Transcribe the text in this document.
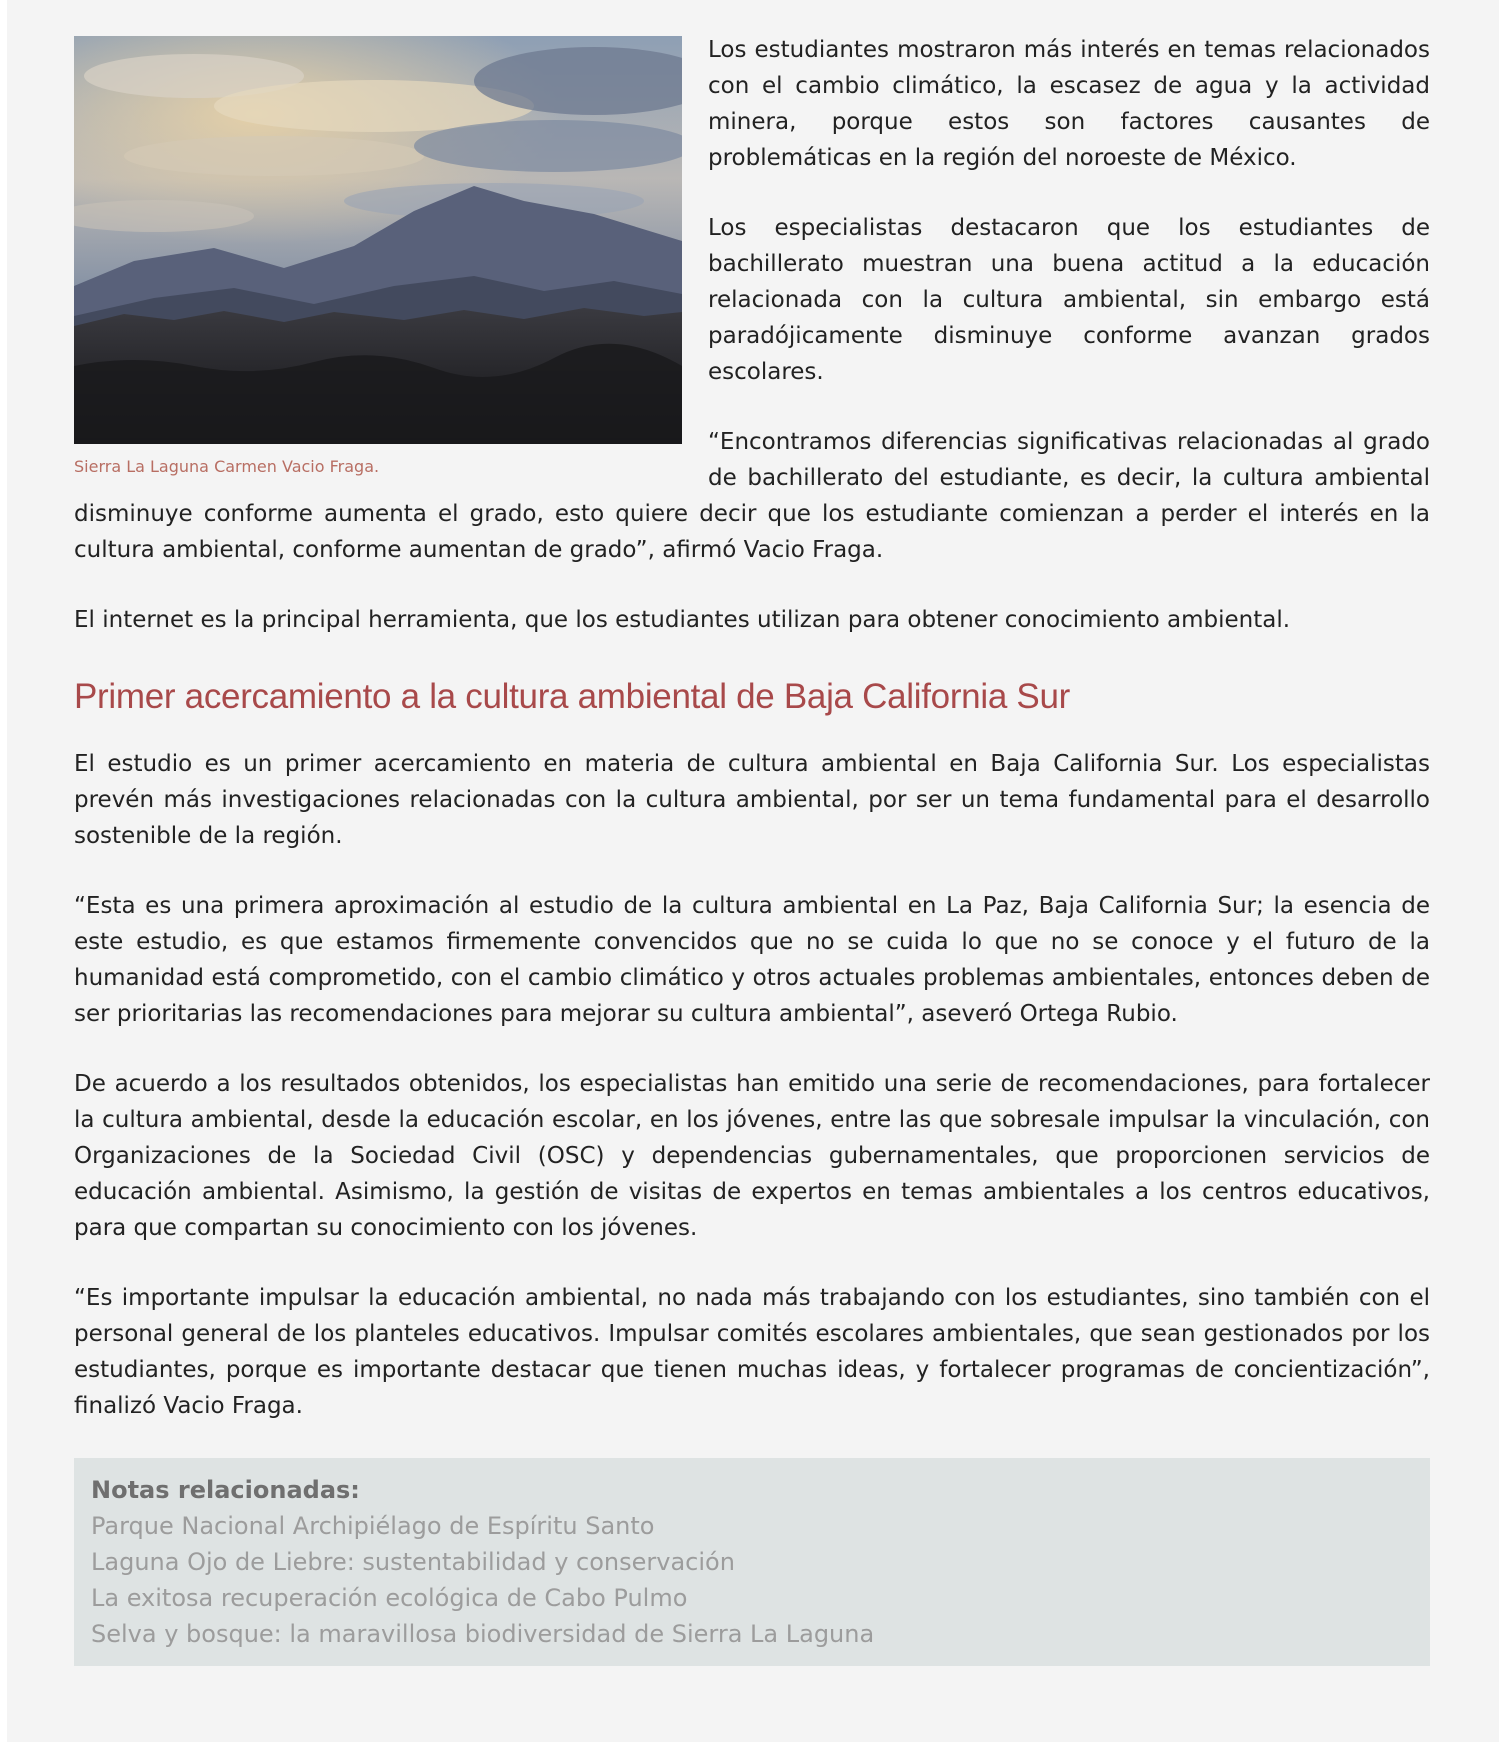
Sierra La Laguna Carmen Vacio Fraga.

Los estudiantes mostraron más interés en temas relacionados con el cambio climático, la escasez de agua y la actividad minera, porque estos son factores causantes de problemáticas en la región del noroeste de México.

Los especialistas destacaron que los estudiantes de bachillerato muestran una buena actitud a la educación relacionada con la cultura ambiental, sin embargo está paradójicamente disminuye conforme avanzan grados escolares.

“Encontramos diferencias significativas relacionadas al grado de bachillerato del estudiante, es decir, la cultura ambiental disminuye conforme aumenta el grado, esto quiere decir que los estudiante comienzan a perder el interés en la cultura ambiental, conforme aumentan de grado”, afirmó Vacio Fraga.

El internet es la principal herramienta, que los estudiantes utilizan para obtener conocimiento ambiental.

Primer acercamiento a la cultura ambiental de Baja California Sur

El estudio es un primer acercamiento en materia de cultura ambiental en Baja California Sur. Los especialistas prevén más investigaciones relacionadas con la cultura ambiental, por ser un tema fundamental para el desarrollo sostenible de la región.

“Esta es una primera aproximación al estudio de la cultura ambiental en La Paz, Baja California Sur; la esencia de este estudio, es que estamos firmemente convencidos que no se cuida lo que no se conoce y el futuro de la humanidad está comprometido, con el cambio climático y otros actuales problemas ambientales, entonces deben de ser prioritarias las recomendaciones para mejorar su cultura ambiental”, aseveró Ortega Rubio.

De acuerdo a los resultados obtenidos, los especialistas han emitido una serie de recomendaciones, para fortalecer la cultura ambiental, desde la educación escolar, en los jóvenes, entre las que sobresale impulsar la vinculación, con Organizaciones de la Sociedad Civil (OSC) y dependencias gubernamentales, que proporcionen servicios de educación ambiental. Asimismo, la gestión de visitas de expertos en temas ambientales a los centros educativos, para que compartan su conocimiento con los jóvenes.

“Es importante impulsar la educación ambiental, no nada más trabajando con los estudiantes, sino también con el personal general de los planteles educativos. Impulsar comités escolares ambientales, que sean gestionados por los estudiantes, porque es importante destacar que tienen muchas ideas, y fortalecer programas de concientización”, finalizó Vacio Fraga.

Notas relacionadas:
Parque Nacional Archipiélago de Espíritu Santo
Laguna Ojo de Liebre: sustentabilidad y conservación
La exitosa recuperación ecológica de Cabo Pulmo
Selva y bosque: la maravillosa biodiversidad de Sierra La Laguna
